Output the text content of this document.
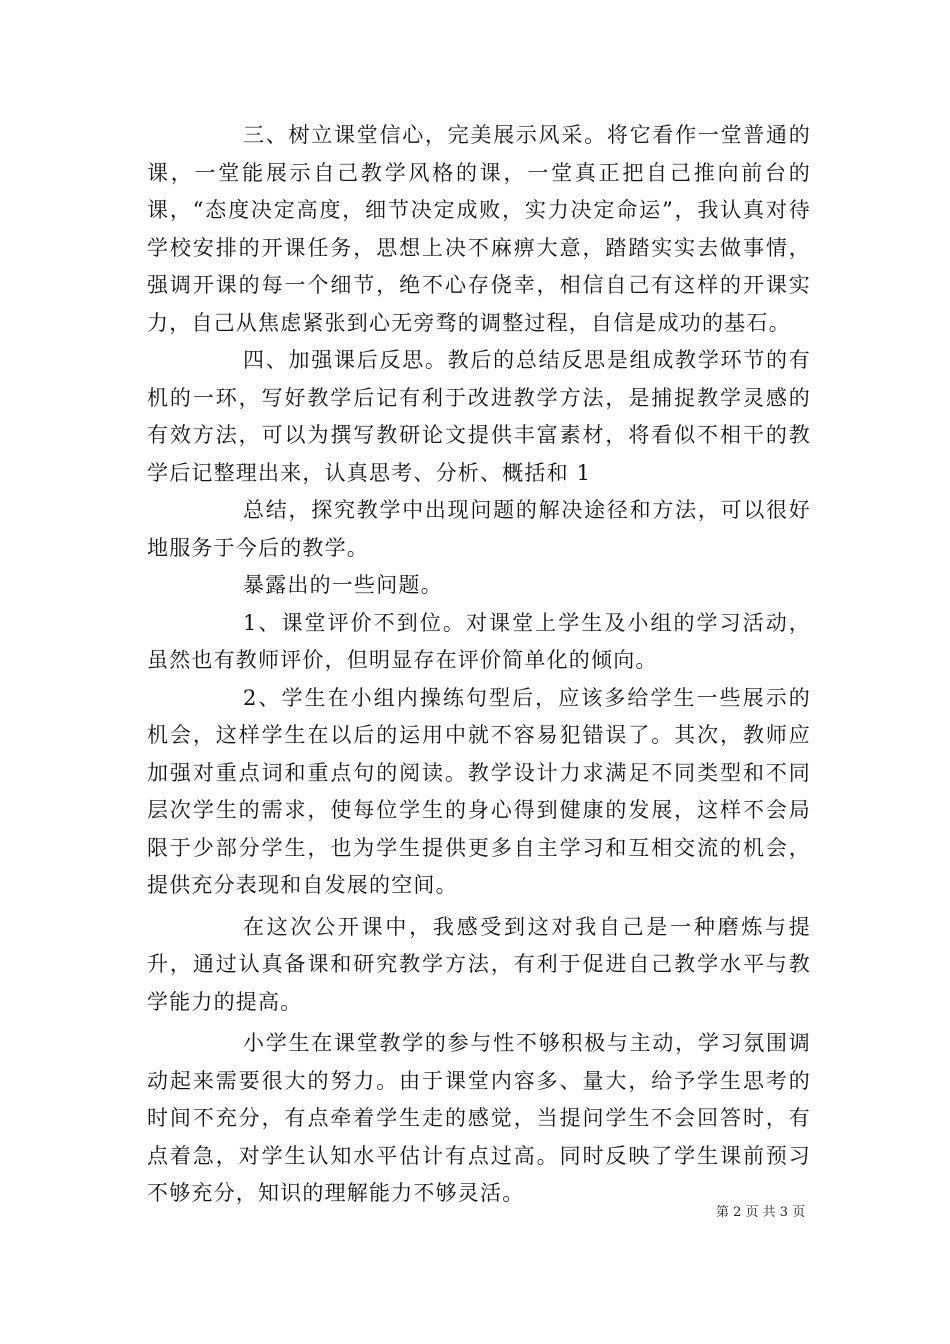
三、树立课堂信心，完美展示风采。将它看作一堂普通的课，一堂能展示自己教学风格的课，一堂真正把自己推向前台的课，“态度决定高度，细节决定成败，实力决定命运”，我认真对待学校安排的开课任务，思想上决不麻痹大意，踏踏实实去做事情，强调开课的每一个细节，绝不心存侥幸，相信自己有这样的开课实力，自己从焦虑紧张到心无旁骛的调整过程，自信是成功的基石。

四、加强课后反思。教后的总结反思是组成教学环节的有机的一环，写好教学后记有利于改进教学方法，是捕捉教学灵感的有效方法，可以为撰写教研论文提供丰富素材，将看似不相干的教学后记整理出来，认真思考、分析、概括和 1

总结，探究教学中出现问题的解决途径和方法，可以很好地服务于今后的教学。

暴露出的一些问题。

1、课堂评价不到位。对课堂上学生及小组的学习活动，虽然也有教师评价，但明显存在评价简单化的倾向。

2、学生在小组内操练句型后，应该多给学生一些展示的机会，这样学生在以后的运用中就不容易犯错误了。其次，教师应加强对重点词和重点句的阅读。教学设计力求满足不同类型和不同层次学生的需求，使每位学生的身心得到健康的发展，这样不会局限于少部分学生，也为学生提供更多自主学习和互相交流的机会，提供充分表现和自发展的空间。

在这次公开课中，我感受到这对我自己是一种磨炼与提升，通过认真备课和研究教学方法，有利于促进自己教学水平与教学能力的提高。

小学生在课堂教学的参与性不够积极与主动，学习氛围调动起来需要很大的努力。由于课堂内容多、量大，给予学生思考的时间不充分，有点牵着学生走的感觉，当提问学生不会回答时，有点着急，对学生认知水平估计有点过高。同时反映了学生课前预习不够充分，知识的理解能力不够灵活。

第 2 页 共 3 页
